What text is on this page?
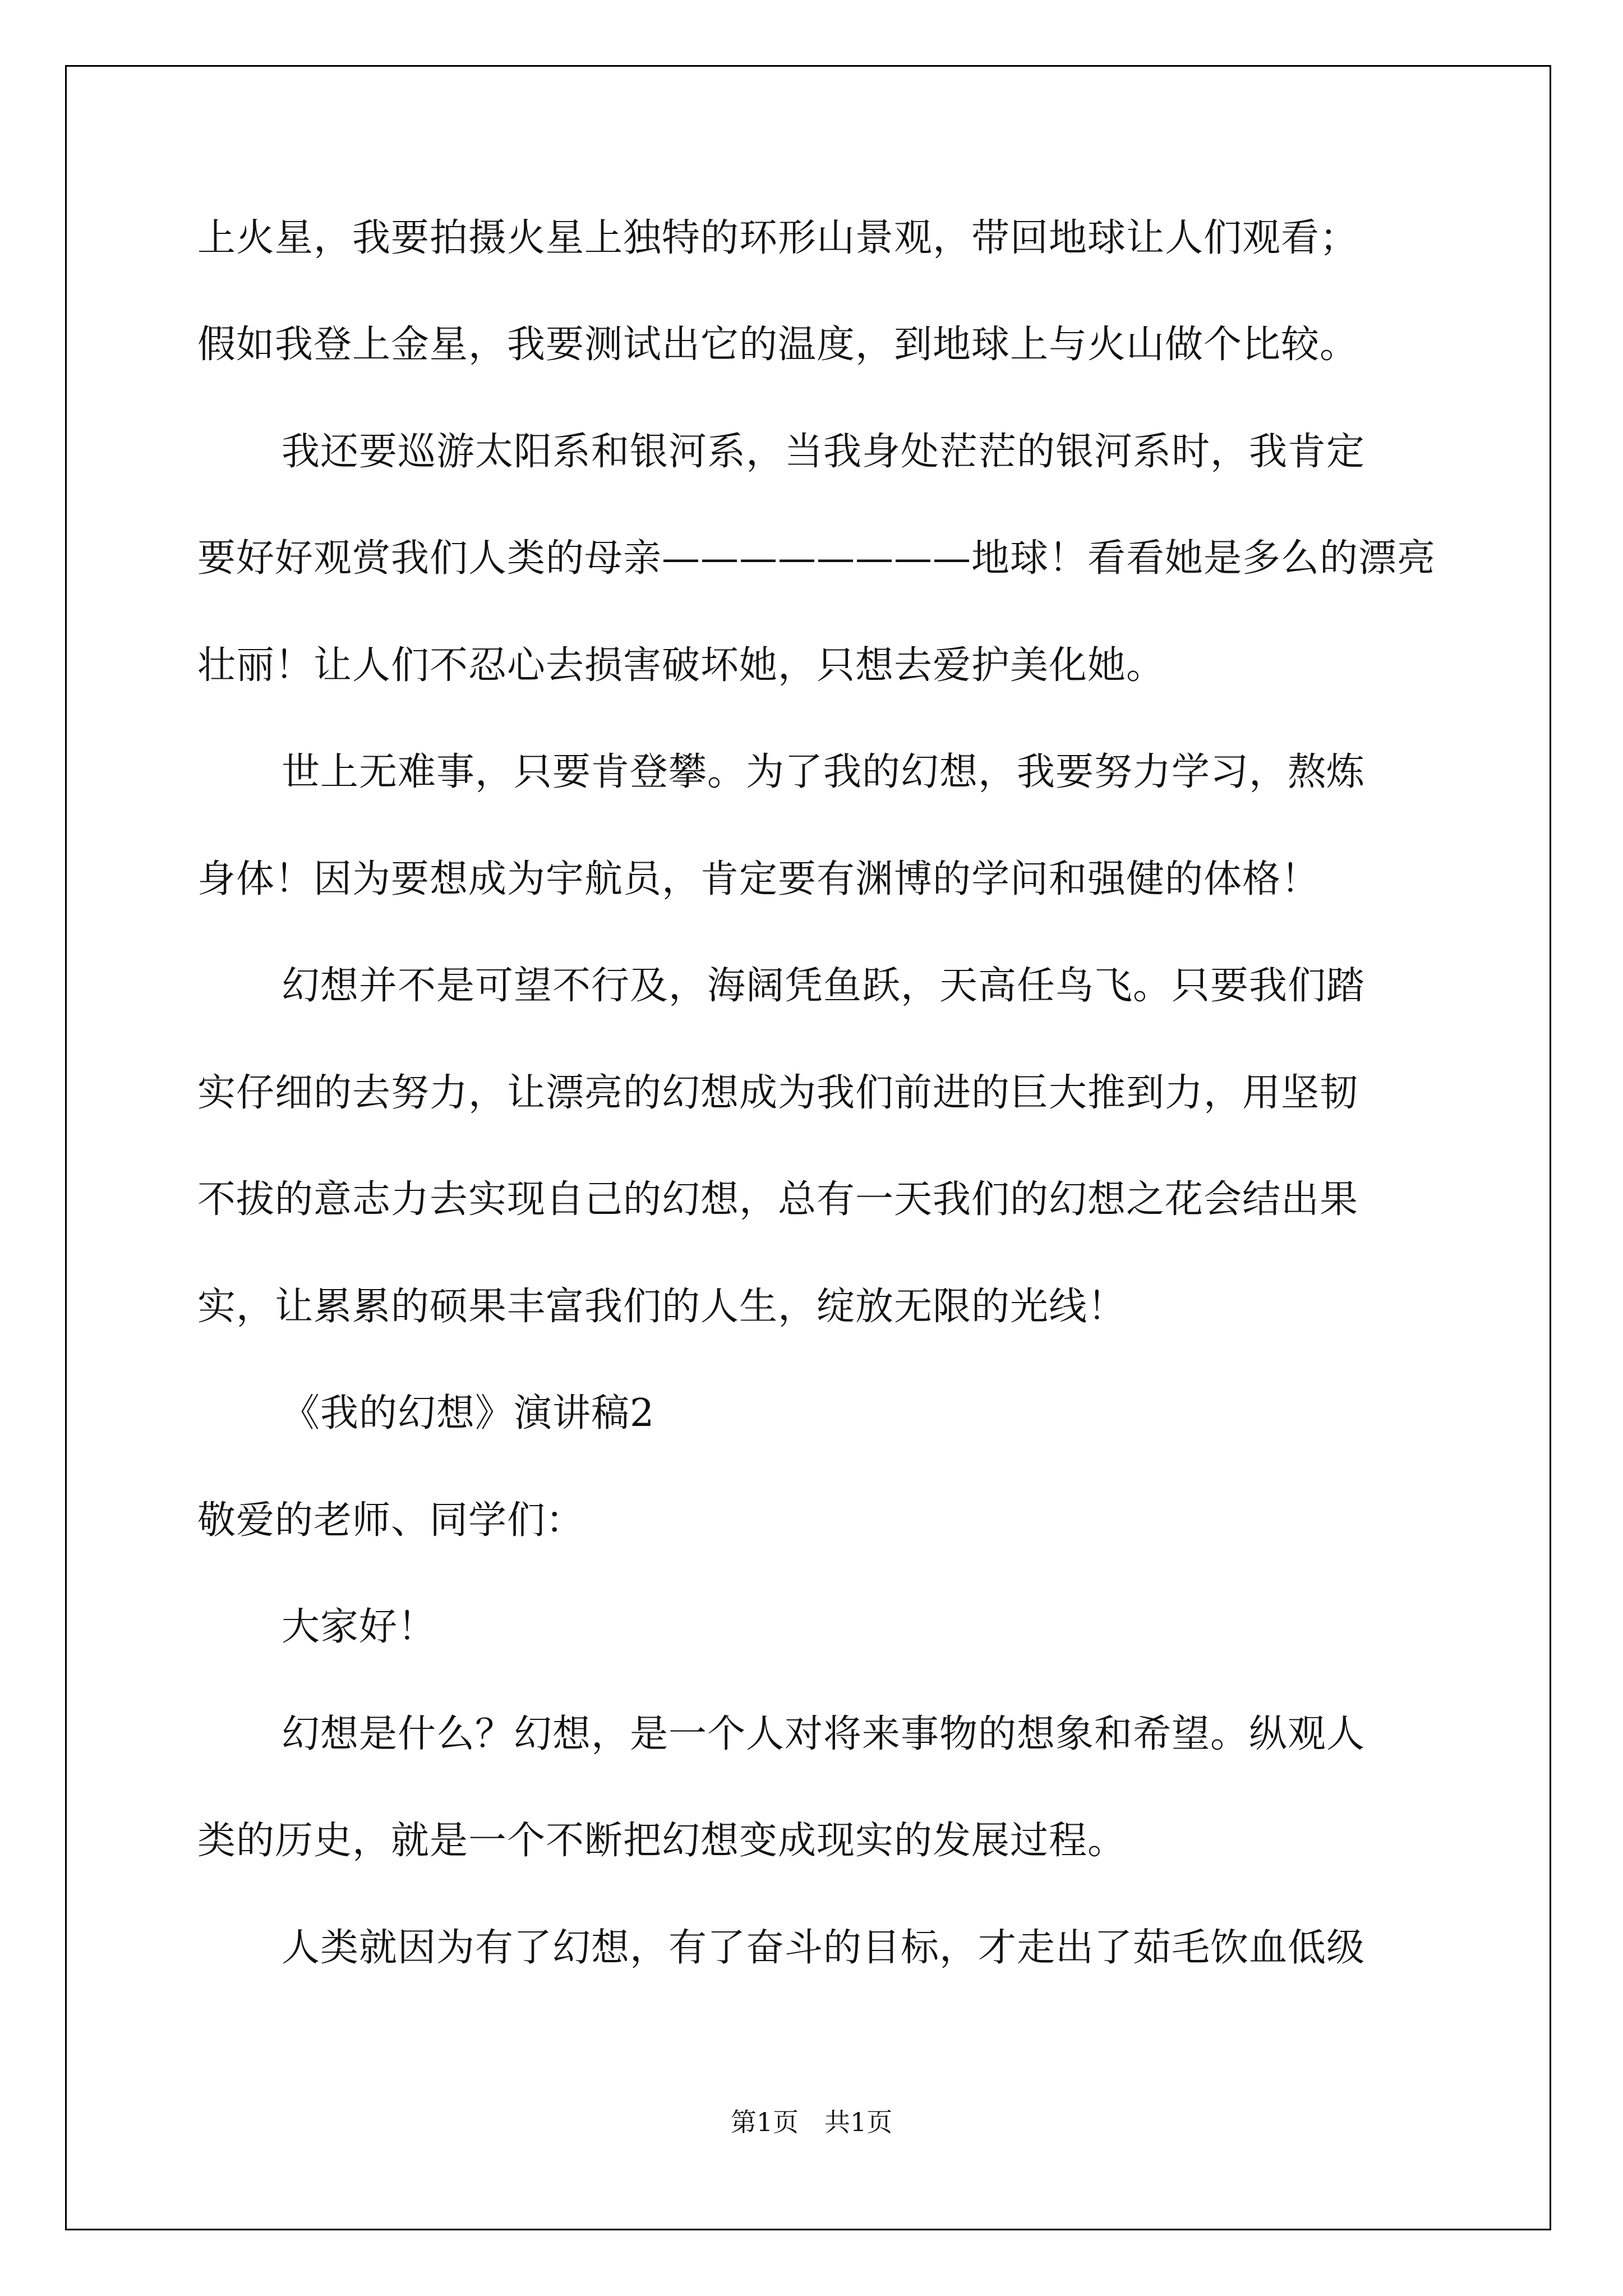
上火星，我要拍摄火星上独特的环形山景观，带回地球让人们观看；
假如我登上金星，我要测试出它的温度，到地球上与火山做个比较。
我还要巡游太阳系和银河系，当我身处茫茫的银河系时，我肯定
要好好观赏我们人类的母亲————————地球！看看她是多么的漂亮
壮丽！让人们不忍心去损害破坏她，只想去爱护美化她。
世上无难事，只要肯登攀。为了我的幻想，我要努力学习，熬炼
身体！因为要想成为宇航员，肯定要有渊博的学问和强健的体格！
幻想并不是可望不行及，海阔凭鱼跃，天高任鸟飞。只要我们踏
实仔细的去努力，让漂亮的幻想成为我们前进的巨大推到力，用坚韧
不拔的意志力去实现自己的幻想，总有一天我们的幻想之花会结出果
实，让累累的硕果丰富我们的人生，绽放无限的光线！
《我的幻想》演讲稿2
敬爱的老师、同学们：
大家好！
幻想是什么？幻想，是一个人对将来事物的想象和希望。纵观人
类的历史，就是一个不断把幻想变成现实的发展过程。
人类就因为有了幻想，有了奋斗的目标，才走出了茹毛饮血低级
第1页　共1页
